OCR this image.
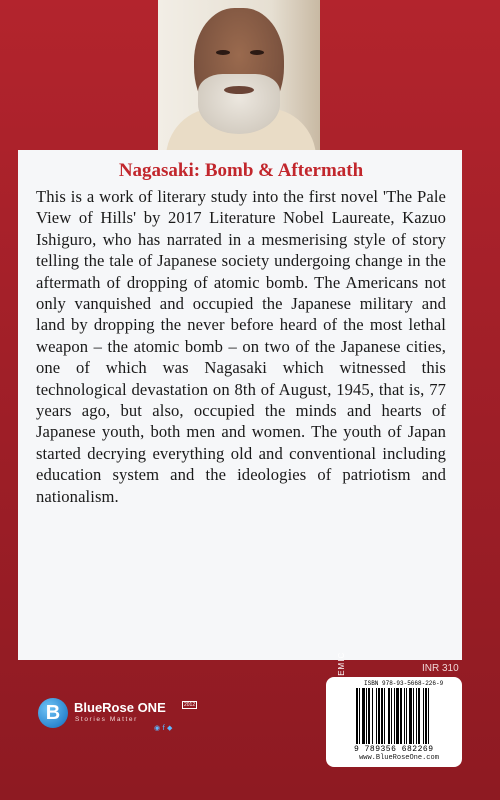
Nagasaki: Bomb & Aftermath

This is a work of literary study into the first novel 'The Pale View of Hills' by 2017 Literature Nobel Laureate, Kazuo Ishiguro, who has narrated in a mesmerising style of story telling the tale of Japanese society undergoing change in the aftermath of dropping of atomic bomb. The Americans not only vanquished and occupied the Japanese military and land by dropping the never before heard of the most lethal weapon – the atomic bomb – on two of the Japanese cities, one of which was Nagasaki which witnessed this technological devastation on 8th of August, 1945, that is, 77 years ago, but also, occupied the minds and hearts of Japanese youth, both men and women. The youth of Japan started decrying everything old and conventional including education system and the ideologies of patriotism and nationalism.

INR 310
B	BlueRose ONE	2012
Stories Matter
◉ f ◆
ISBN 978-93-5668-226-9
9 789356 682269
www.BlueRoseOne.com
